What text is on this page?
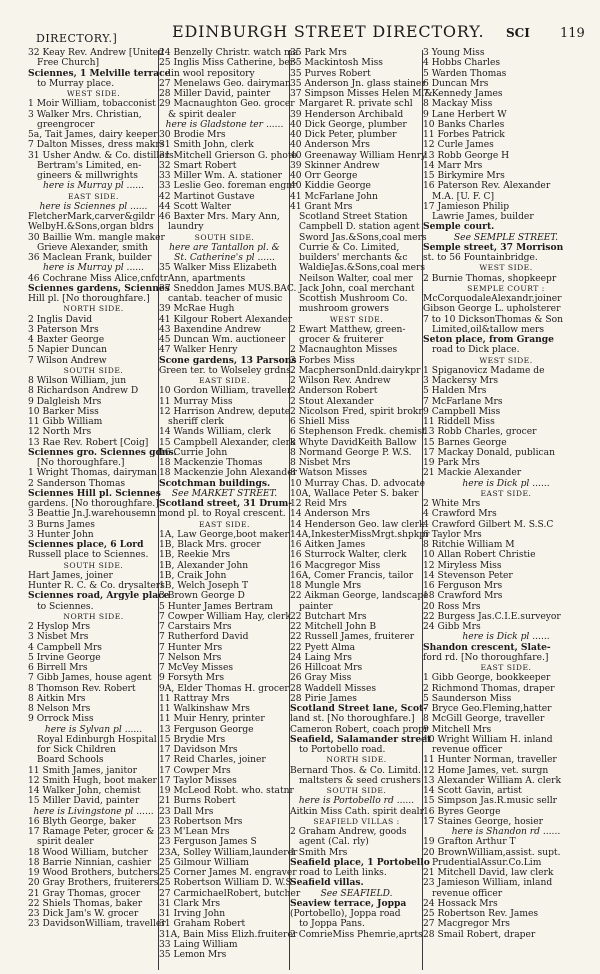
DIRECTORY.]	EDINBURGH STREET DIRECTORY. SCI 119
32 Keay Rev. Andrew [United
Free Church]
Sciennes, 1 Melville terrace
to Murray place.
WEST SIDE.
1 Moir William, tobacconist
3 Walker Mrs. Christian,
greengrocer
5a, Tait James, dairy keeper
7 Dalton Misses, dress makrs
31 Usher Andw. & Co. distillers
Bertram's Limited, en-
gineers & millwrights
here is Murray pl ......
EAST SIDE.
here is Sciennes pl ......
FletcherMark,carver&gildr
WelbyH.&Sons,organ bldrs
30 Baillie Wm. mangle maker
Grieve Alexander, smith
36 Maclean Frank, builder
here is Murray pl ......
46 Cochrane Miss Alice,cnfctr
Sciennes gardens, Sciennes
Hill pl. [No thoroughfare.]
NORTH SIDE.
2 Inglis David
3 Paterson Mrs
4 Baxter George
5 Napier Duncan
7 Wilson Andrew
SOUTH SIDE.
8 Wilson William, jun
8 Richardson Andrew D
9 Dalgleish Mrs
10 Barker Miss
11 Gibb William
12 North Mrs
13 Rae Rev. Robert [Coig]
Sciennes gro. Sciennes gdns.
[No thoroughfare.]
1 Wright Thomas, dairyman
2 Sanderson Thomas
Sciennes Hill pl. Sciennes
gardens. [No thoroughfare.]
3 Beattie Jn.J.warehousemn
3 Burns James
3 Hunter John
Sciennes place, 6 Lord
Russell place to Sciennes.
SOUTH SIDE.
Hart James, joiner
Hunter R. C. & Co. drysalters
Sciennes road, Argyle place
to Sciennes.
NORTH SIDE.
2 Hyslop Mrs
3 Nisbet Mrs
4 Campbell Mrs
5 Irvine George
6 Birrell Mrs
7 Gibb James, house agent
8 Thomson Rev. Robert
8 Aitkin Mrs
8 Nelson Mrs
9 Orrock Miss
here is Sylvan pl ......
Royal Edinburgh Hospital
for Sick Children
Board Schools
11 Smith James, janitor
12 Smith Hugh, boot maker
14 Walker John, chemist
15 Miller David, painter
here is Livingstone pl ......
16 Blyth George, baker
17 Ramage Peter, grocer &
spirit dealer
18 Wood William, butcher
18 Barrie Ninnian, cashier
19 Wood Brothers, butchers
20 Gray Brothers, fruiterers
21 Gray Thomas, grocer
22 Shiels Thomas, baker
23 Dick Jam's W. grocer
23 DavidsonWilliam, traveller
24 Benzelly Christr. watch ma
25 Inglis Miss Catherine, ber-
lin wool repository
27 Menelaws Geo. dairyman
28 Miller David, painter
29 Macnaughton Geo. grocer
& spirit dealer
here is Gladstone ter ......
30 Brodie Mrs
31 Smith John, clerk
31 Mitchell Grierson G. photo
32 Smart Robert
33 Miller Wm. A. stationer
33 Leslie Geo. foreman engnr
42 Martinot Gustave
44 Scott Walter
46 Baxter Mrs. Mary Ann,
laundry
SOUTH SIDE.
here are Tantallon pl. &
St. Catherine's pl ......
35 Walker Miss Elizabeth
Ann, apartments
37 Sneddon James MUS.BAC.
cantab. teacher of music
39 McRae Hugh
41 Kilgour Robert Alexander
43 Baxendine Andrew
45 Duncan Wm. auctioneer
47 Walker Henry
Scone gardens, 13 Parsons
Green ter. to Wolseley grdns.
EAST SIDE.
10 Gordon William, traveller
11 Murray Miss
12 Harrison Andrew, depute
sheriff clerk
14 Wands William, clerk
15 Campbell Alexander, clerk
16 Currie John
18 Mackenzie Thomas
18 Mackenzie John Alexander
Scotchman buildings.
See MARKET STREET.
Scotland street, 31 Drum-
mond pl. to Royal crescent.
EAST SIDE.
1A, Law George,boot maker
1B, Black Mrs. grocer
1B, Reekie Mrs
1B, Alexander John
1B, Craik John
1B, Welch Joseph T
3 Brown George D
5 Hunter James Bertram
7 Cowper William Hay, clerk
7 Carstairs Mrs
7 Rutherford David
7 Hunter Mrs
7 Nelson Mrs
7 McVey Misses
9 Forsyth Mrs
9A, Elder Thomas H. grocer
11 Rattray Mrs
11 Walkinshaw Mrs
11 Muir Henry, printer
13 Ferguson George
15 Brydie Mrs
17 Davidson Mrs
17 Reid Charles, joiner
17 Cowper Mrs
17 Taylor Misses
19 McLeod Robt. who. statnr
21 Burns Robert
23 Dall Mrs
23 Robertson Mrs
23 M'Lean Mrs
23 Ferguson James S
23A, Solley William,launderer
25 Gilmour William
25 Corner James M. engraver
25 Robertson William D. W.S
27 CarmichaelRobert, butcher
31 Clark Mrs
31 Irving John
31 Graham Robert
31A, Bain Miss Elizh.fruiterer
33 Laing William
35 Lemon Mrs
35 Park Mrs
35 Mackintosh Miss
35 Purves Robert
35 Anderson Jn. glass stainer
37 Simpson Misses Helen M.&
Margaret R. private schl
39 Henderson Archibald
40 Dick George, plumber
40 Dick Peter, plumber
40 Anderson Mrs
40 Greenaway William Henry
39 Skinner Andrew
40 Orr George
40 Kiddie George
41 McFarlane John
41 Grant Mrs
Scotland Street Station
Campbell D. station agent
Sword Jas.&Sons,coal mers
Currie & Co. Limited,
builders' merchants &c
WaldieJas.&Sons,coal mers
Neilson Walter, coal mer
Jack John, coal merchant
Scottish Mushroom Co.
mushroom growers
WEST SIDE.
2 Ewart Matthew, green-
grocer & fruiterer
2 Macnaughton Misses
2 Forbes Miss
2 MacphersonDnld.dairykpr
2 Wilson Rev. Andrew
2 Anderson Robert
2 Stout Alexander
2 Nicolson Fred, spirit brokr
6 Shiell Miss
6 Stephenson Fredk. chemist
8 Whyte DavidKeith Ballow
8 Normand George P. W.S.
8 Nisbet Mrs
8 Watson Misses
10 Murray Chas. D. advocate
10A, Wallace Peter S. baker
12 Reid Mrs
14 Anderson Mrs
14 Henderson Geo. law clerk
14A,InkesterMissMrgt.shpkpr
16 Aitken James
16 Sturrock Walter, clerk
16 Macgregor Miss
16A, Comer Francis, tailor
18 Mungle Mrs
22 Aikman George, landscape
painter
22 Butchart Mrs
22 Mitchell John B
22 Russell James, fruiterer
22 Pyett Alma
24 Laing Mrs
26 Hillcoat Mrs
26 Gray Miss
28 Waddell Misses
28 Pirie James
Scotland Street lane, Scot-
land st. [No thoroughfare.]
Cameron Robert, coach propr
Seafield, Salamander street
to Portobello road.
NORTH SIDE.
Bernard Thos. & Co. Limitd.
maltsters & seed crushers
SOUTH SIDE.
here is Portobello rd ......
Aitkin Miss Cath. spirit dealr
SEAFIELD VILLAS :
2 Graham Andrew, goods
agent (Cal. rly)
1 Smith Mrs
Seafield place, 1 Portobello
road to Leith links.
Seafield villas.
See SEAFIELD.
Seaview terrace, Joppa
(Portobello), Joppa road
to Joppa Pans.
2 ComrieMiss Phemrie,aprts
3 Young Miss
4 Hobbs Charles
5 Warden Thomas
6 Duncan Mrs
7 Kennedy James
8 Mackay Miss
9 Lane Herbert W
10 Banks Charles
11 Forbes Patrick
12 Curle James
13 Robb George H
14 Marr Mrs
15 Birkymire Mrs
16 Paterson Rev. Alexander
M.A. [U. F. C]
17 Jamieson Philip
Lawrie James, builder
Semple court.
See SEMPLE STREET.
Semple street, 37 Morrison
st. to 56 Fountainbridge.
WEST SIDE.
2 Burnie Thomas, shopkeepr
SEMPLE COURT :
McCorquodaleAlexandr.joiner
Gibson George L. upholsterer
7 to 10 DicksonThomas & Son
Limited,oil&tallow mers
Seton place, from Grange
road to Dick place.
WEST SIDE.
1 Spiganovicz Madame de
3 Mackersy Mrs
5 Halden Mrs
7 McFarlane Mrs
9 Campbell Miss
11 Riddell Miss
13 Robb Charles, grocer
15 Barnes George
17 Mackay Donald, publican
19 Park Mrs
21 Mackie Alexander
here is Dick pl ......
EAST SIDE.
2 White Mrs
4 Crawford Mrs
4 Crawford Gilbert M. S.S.C
6 Taylor Mrs
8 Ritchie William M
10 Allan Robert Christie
12 Miryless Miss
14 Stevenson Peter
16 Ferguson Mrs
18 Crawford Mrs
20 Ross Mrs
22 Burgess Jas.C.I.E.surveyor
24 Gibb Mrs
here is Dick pl ......
Shandon crescent, Slate-
ford rd. [No thoroughfare.]
EAST SIDE.
1 Gibb George, bookkeeper
2 Richmond Thomas, draper
5 Saunderson Miss
7 Bryce Geo.Fleming,hatter
8 McGill George, traveller
9 Mitchell Mrs
10 Wright William H. inland
revenue officer
11 Hunter Norman, traveller
12 Home James, vet. surgn
13 Alexander William A. clerk
14 Scott Gavin, artist
15 Simpson Jas.R.music sellr
16 Byres George
17 Staines George, hosier
here is Shandon rd ......
19 Grafton Arthur T
20 BrownWilliam,assist. supt.
PrudentialAssur.Co.Lim
21 Mitchell David, law clerk
23 Jamieson William, inland
revenue officer
24 Hossack Mrs
25 Robertson Rev. James
27 Macgregor Mrs
28 Smail Robert, draper
